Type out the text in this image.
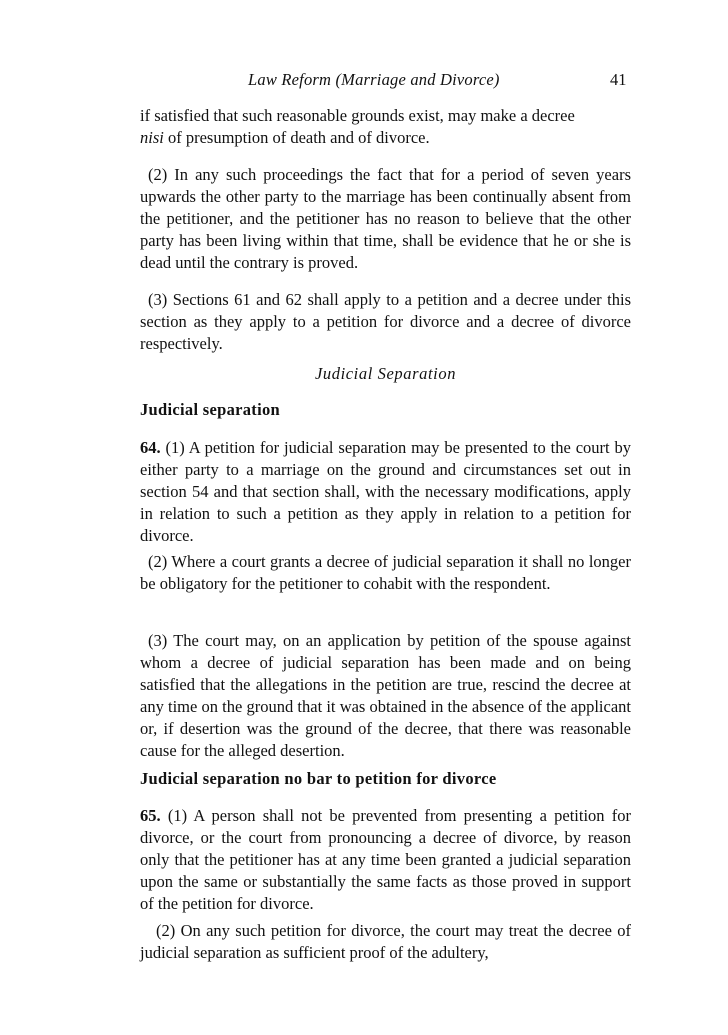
Law Reform (Marriage and Divorce)	41
if satisfied that such reasonable grounds exist, may make a decree
nisi of presumption of death and of divorce.
(2) In any such proceedings the fact that for a period of seven years upwards the other party to the marriage has been continually absent from the petitioner, and the petitioner has no reason to believe that the other party has been living within that time, shall be evidence that he or she is dead until the contrary is proved.
(3) Sections 61 and 62 shall apply to a petition and a decree under this section as they apply to a petition for divorce and a decree of divorce respectively.
Judicial Separation
Judicial separation
64. (1) A petition for judicial separation may be presented to the court by either party to a marriage on the ground and circumstances set out in section 54 and that section shall, with the necessary modifications, apply in relation to such a petition as they apply in relation to a petition for divorce.
(2) Where a court grants a decree of judicial separation it shall no longer be obligatory for the petitioner to cohabit with the respondent.
(3) The court may, on an application by petition of the spouse against whom a decree of judicial separation has been made and on being satisfied that the allegations in the petition are true, rescind the decree at any time on the ground that it was obtained in the absence of the applicant or, if desertion was the ground of the decree, that there was reasonable cause for the alleged desertion.
Judicial separation no bar to petition for divorce
65. (1) A person shall not be prevented from presenting a petition for divorce, or the court from pronouncing a decree of divorce, by reason only that the petitioner has at any time been granted a judicial separation upon the same or substantially the same facts as those proved in support of the petition for divorce.
(2) On any such petition for divorce, the court may treat the decree of judicial separation as sufficient proof of the adultery,
